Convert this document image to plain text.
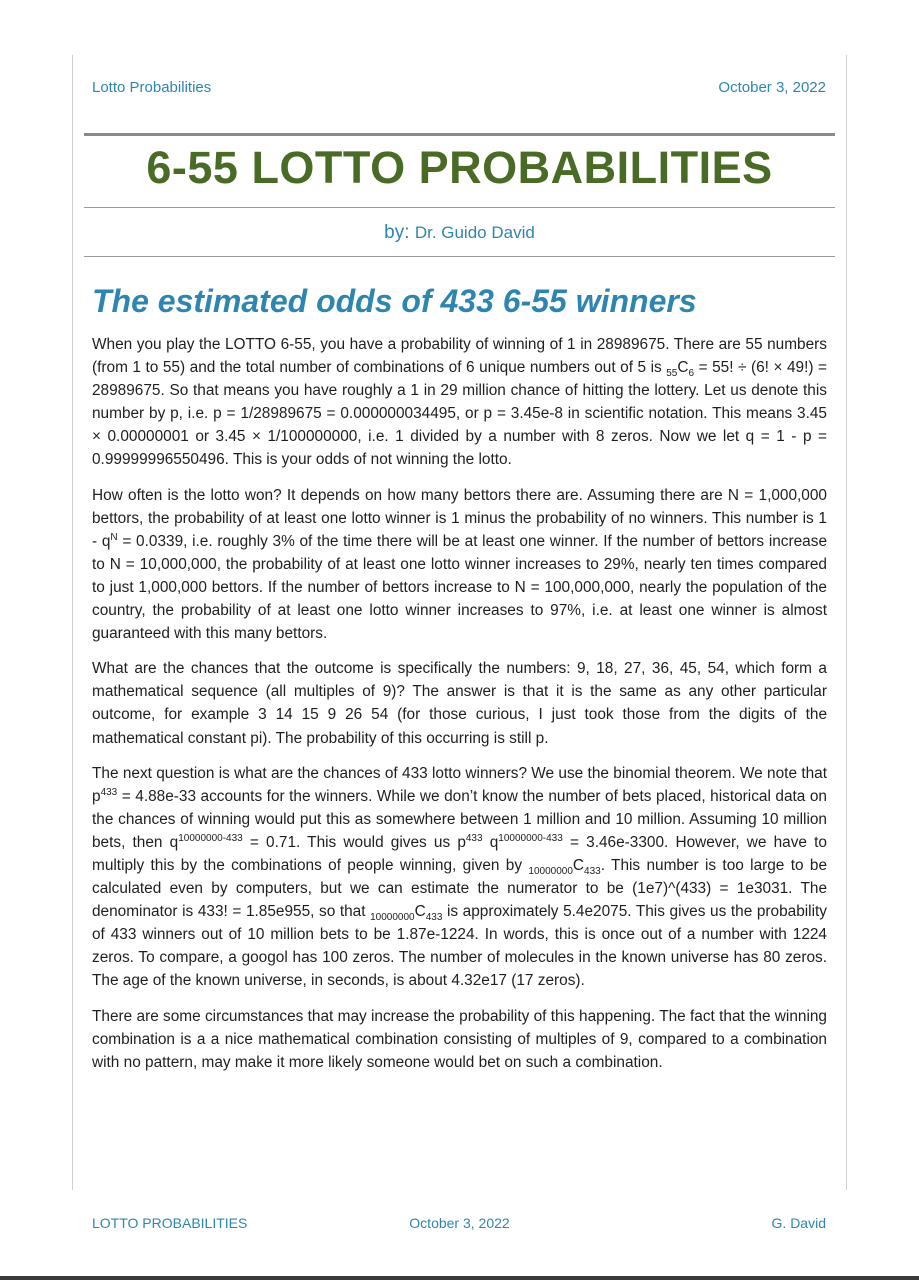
Lotto Probabilities	October 3, 2022
6-55 LOTTO PROBABILITIES
by: Dr. Guido David
The estimated odds of 433 6-55 winners

When you play the LOTTO 6-55, you have a probability of winning of 1 in 28989675. There are 55 numbers (from 1 to 55) and the total number of combinations of 6 unique numbers out of 5 is $_{55}C_6 = 55$! ÷ (6! × 49!) = 28989675. So that means you have roughly a 1 in 29 million chance of hitting the lottery. Let us denote this number by p, i.e. p = 1/28989675 = 0.000000034495, or p = 3.45e-8 in scientific notation. This means 3.45 × 0.00000001 or 3.45 × 1/100000000, i.e. 1 divided by a number with 8 zeros. Now we let q = 1 - p = 0.99999996550496. This is your odds of not winning the lotto.

How often is the lotto won? It depends on how many bettors there are. Assuming there are N = 1,000,000 bettors, the probability of at least one lotto winner is 1 minus the probability of no winners. This number is $1 - q^N = 0.0339$, i.e. roughly 3% of the time there will be at least one winner. If the number of bettors increase to N = 10,000,000, the probability of at least one lotto winner increases to 29%, nearly ten times compared to just 1,000,000 bettors. If the number of bettors increase to N = 100,000,000, nearly the population of the country, the probability of at least one lotto winner increases to 97%, i.e. at least one winner is almost guaranteed with this many bettors.

What are the chances that the outcome is specifically the numbers: 9, 18, 27, 36, 45, 54, which form a mathematical sequence (all multiples of 9)? The answer is that it is the same as any other particular outcome, for example 3 14 15 9 26 54 (for those curious, I just took those from the digits of the mathematical constant pi). The probability of this occurring is still p.

The next question is what are the chances of 433 lotto winners? We use the binomial theorem. We note that $p^{433} = 4.88e-33$ accounts for the winners. While we don’t know the number of bets placed, historical data on the chances of winning would put this as somewhere between 1 million and 10 million. Assuming 10 million bets, then $q^{10000000-433} = 0.71$. This would gives us $p^{433}$ $q^{10000000-433} = 3.46e-3300$. However, we have to multiply this by the combinations of people winning, given by $_{10000000}C_{433}$. This number is too large to be calculated even by computers, but we can estimate the numerator to be (1e7)^(433) = 1e3031. The denominator is 433! = 1.85e955, so that $_{10000000}C_{433}$ is approximately 5.4e2075. This gives us the probability of 433 winners out of 10 million bets to be 1.87e-1224. In words, this is once out of a number with 1224 zeros. To compare, a googol has 100 zeros. The number of molecules in the known universe has 80 zeros. The age of the known universe, in seconds, is about 4.32e17 (17 zeros).

There are some circumstances that may increase the probability of this happening. The fact that the winning combination is a a nice mathematical combination consisting of multiples of 9, compared to a combination with no pattern, may make it more likely someone would bet on such a combination.

LOTTO PROBABILITIES	October 3, 2022	G. David
